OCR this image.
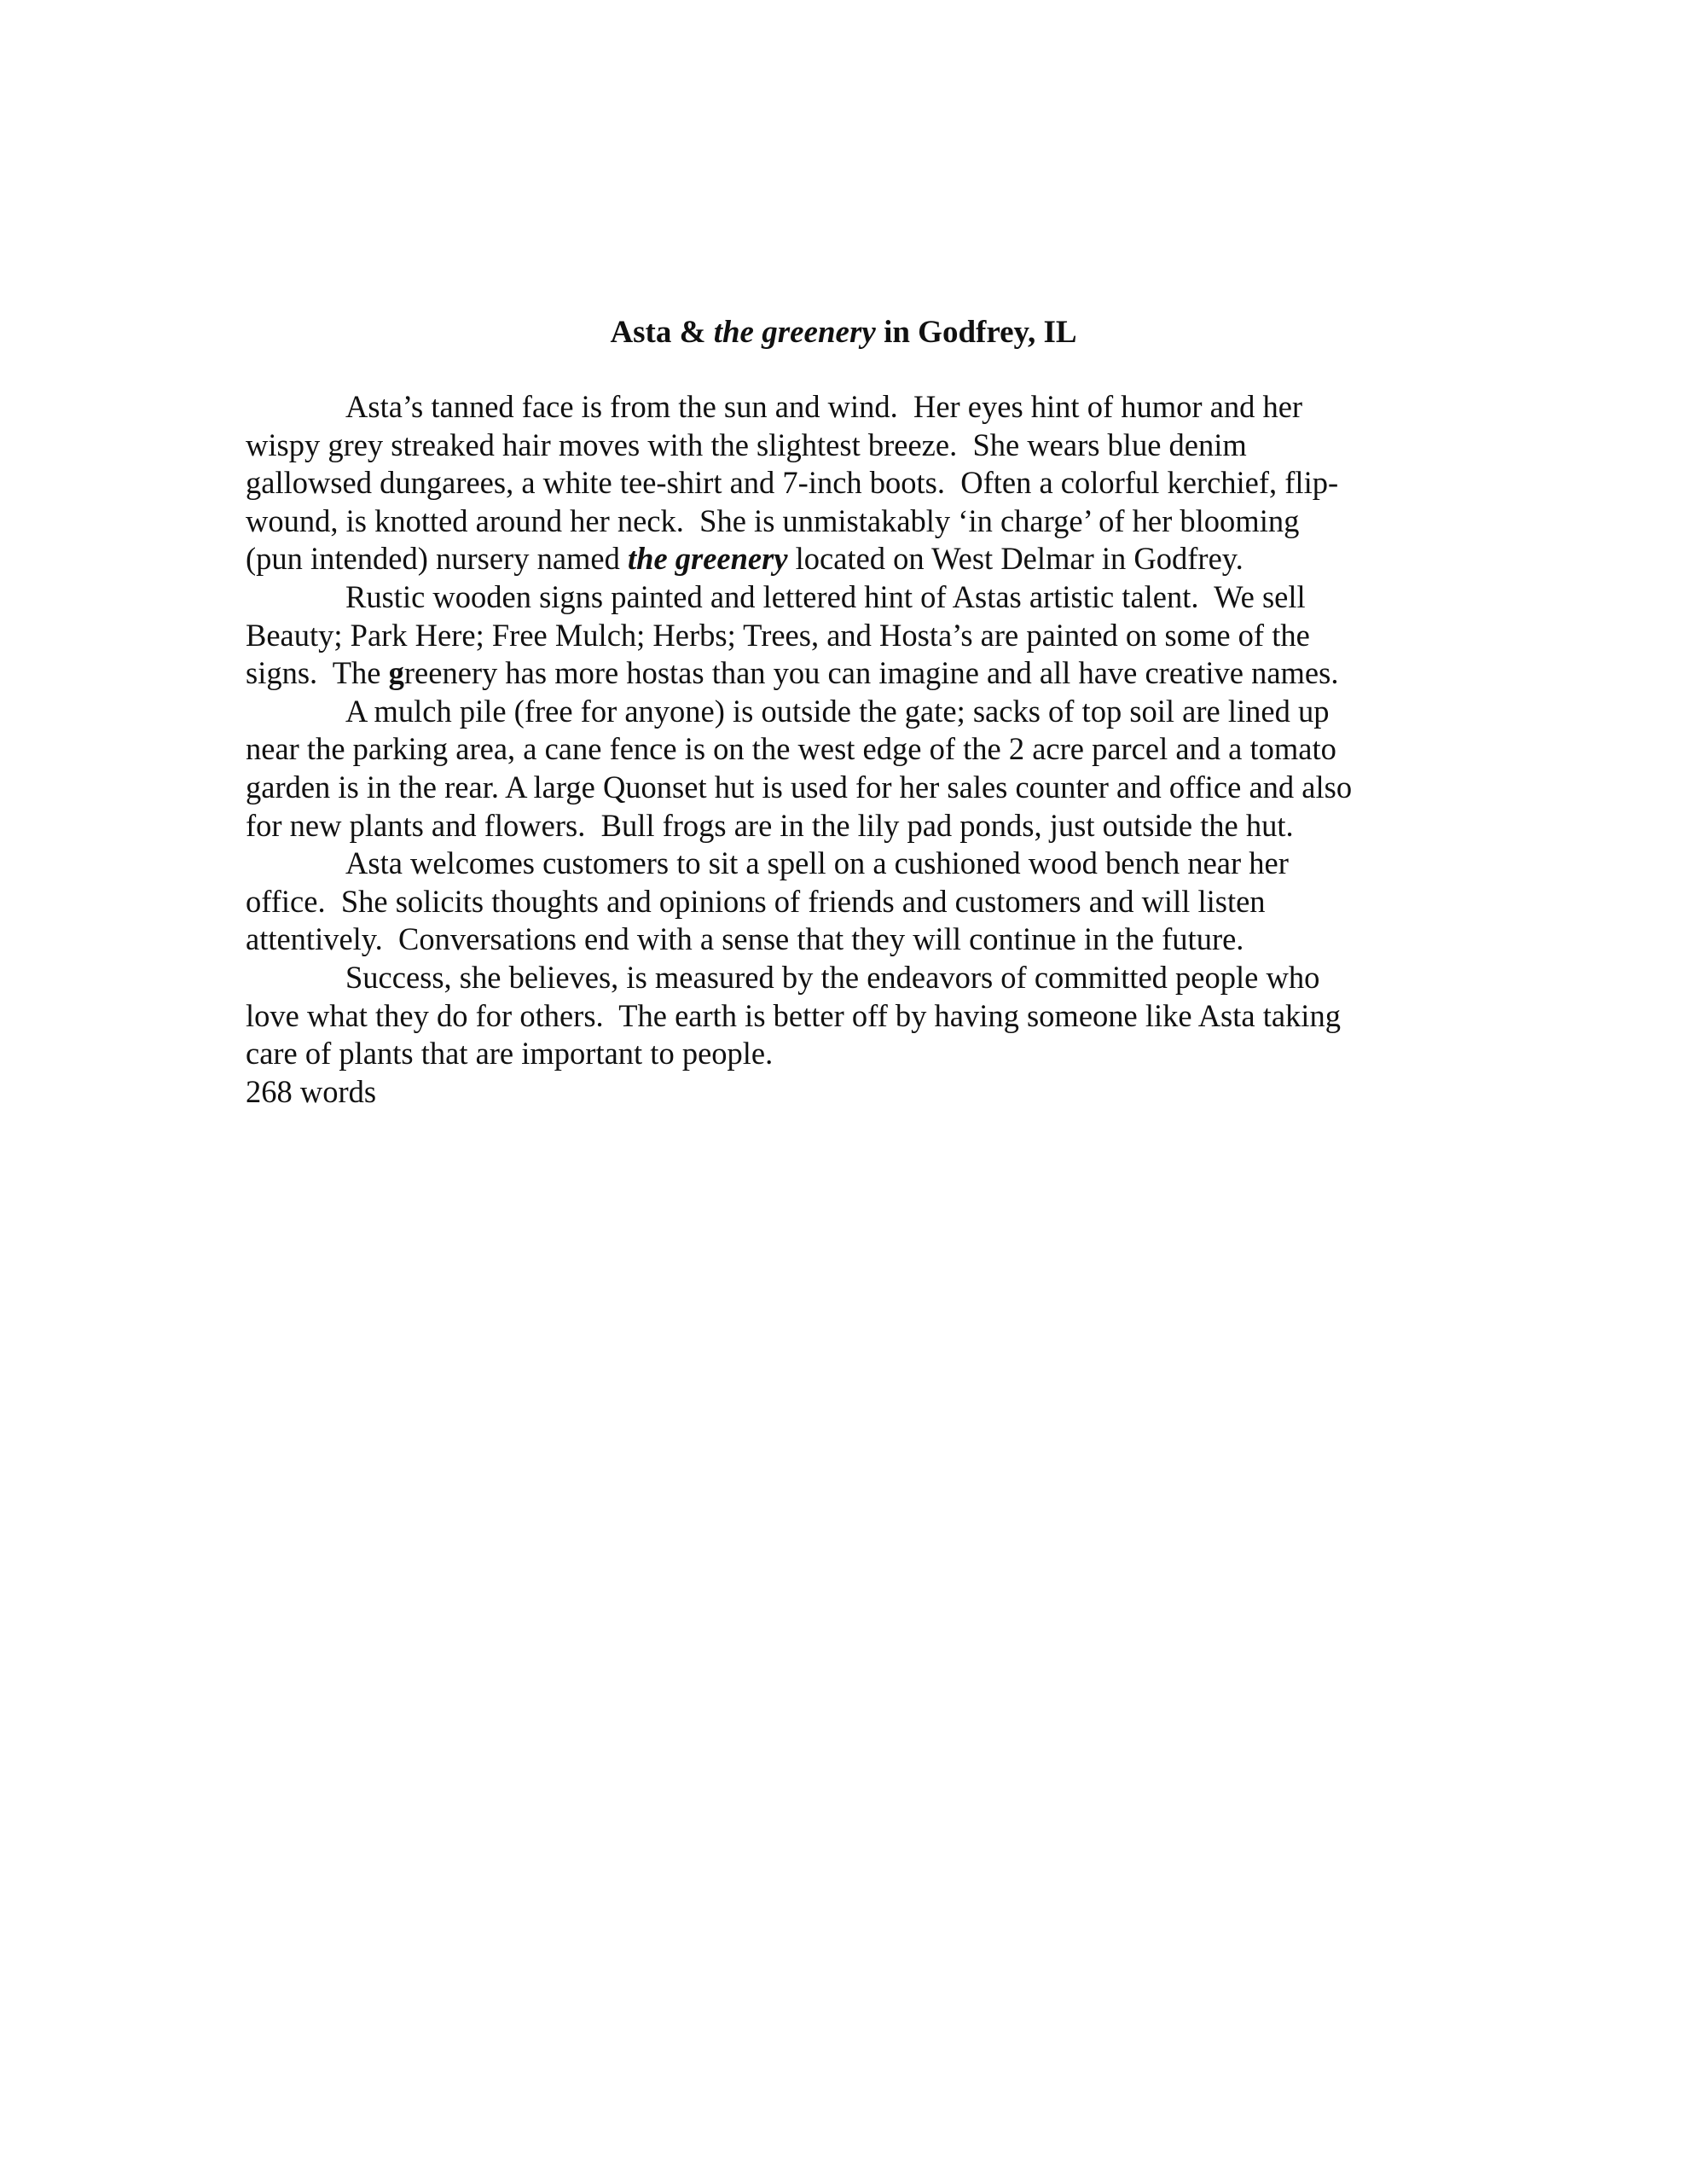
Asta & the greenery in Godfrey, IL
Asta’s tanned face is from the sun and wind.  Her eyes hint of humor and her
wispy grey streaked hair moves with the slightest breeze.  She wears blue denim
gallowsed dungarees, a white tee-shirt and 7-inch boots.  Often a colorful kerchief, flip-
wound, is knotted around her neck.  She is unmistakably ‘in charge’ of her blooming
(pun intended) nursery named the greenery located on West Delmar in Godfrey.
Rustic wooden signs painted and lettered hint of Astas artistic talent.  We sell
Beauty; Park Here; Free Mulch; Herbs; Trees, and Hosta’s are painted on some of the
signs.  The greenery has more hostas than you can imagine and all have creative names.
A mulch pile (free for anyone) is outside the gate; sacks of top soil are lined up
near the parking area, a cane fence is on the west edge of the 2 acre parcel and a tomato
garden is in the rear. A large Quonset hut is used for her sales counter and office and also
for new plants and flowers.  Bull frogs are in the lily pad ponds, just outside the hut.
Asta welcomes customers to sit a spell on a cushioned wood bench near her
office.  She solicits thoughts and opinions of friends and customers and will listen
attentively.  Conversations end with a sense that they will continue in the future.
Success, she believes, is measured by the endeavors of committed people who
love what they do for others.  The earth is better off by having someone like Asta taking
care of plants that are important to people.
268 words
